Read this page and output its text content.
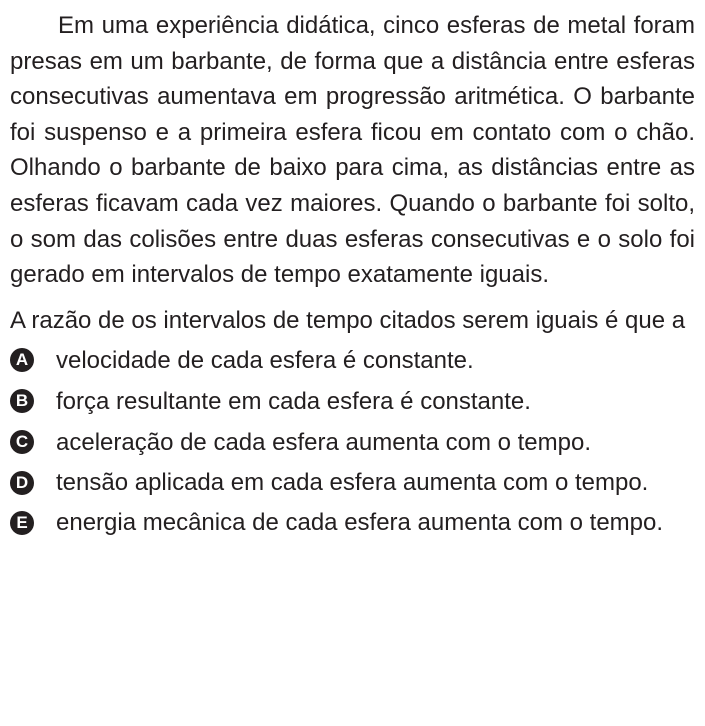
Em uma experiência didática, cinco esferas de metal foram presas em um barbante, de forma que a distância entre esferas consecutivas aumentava em progressão aritmética. O barbante foi suspenso e a primeira esfera ficou em contato com o chão. Olhando o barbante de baixo para cima, as distâncias entre as esferas ficavam cada vez maiores. Quando o barbante foi solto, o som das colisões entre duas esferas consecutivas e o solo foi gerado em intervalos de tempo exatamente iguais.

A razão de os intervalos de tempo citados serem iguais é que a

A velocidade de cada esfera é constante.
B força resultante em cada esfera é constante.
C aceleração de cada esfera aumenta com o tempo.
D tensão aplicada em cada esfera aumenta com o tempo.
E energia mecânica de cada esfera aumenta com o tempo.
